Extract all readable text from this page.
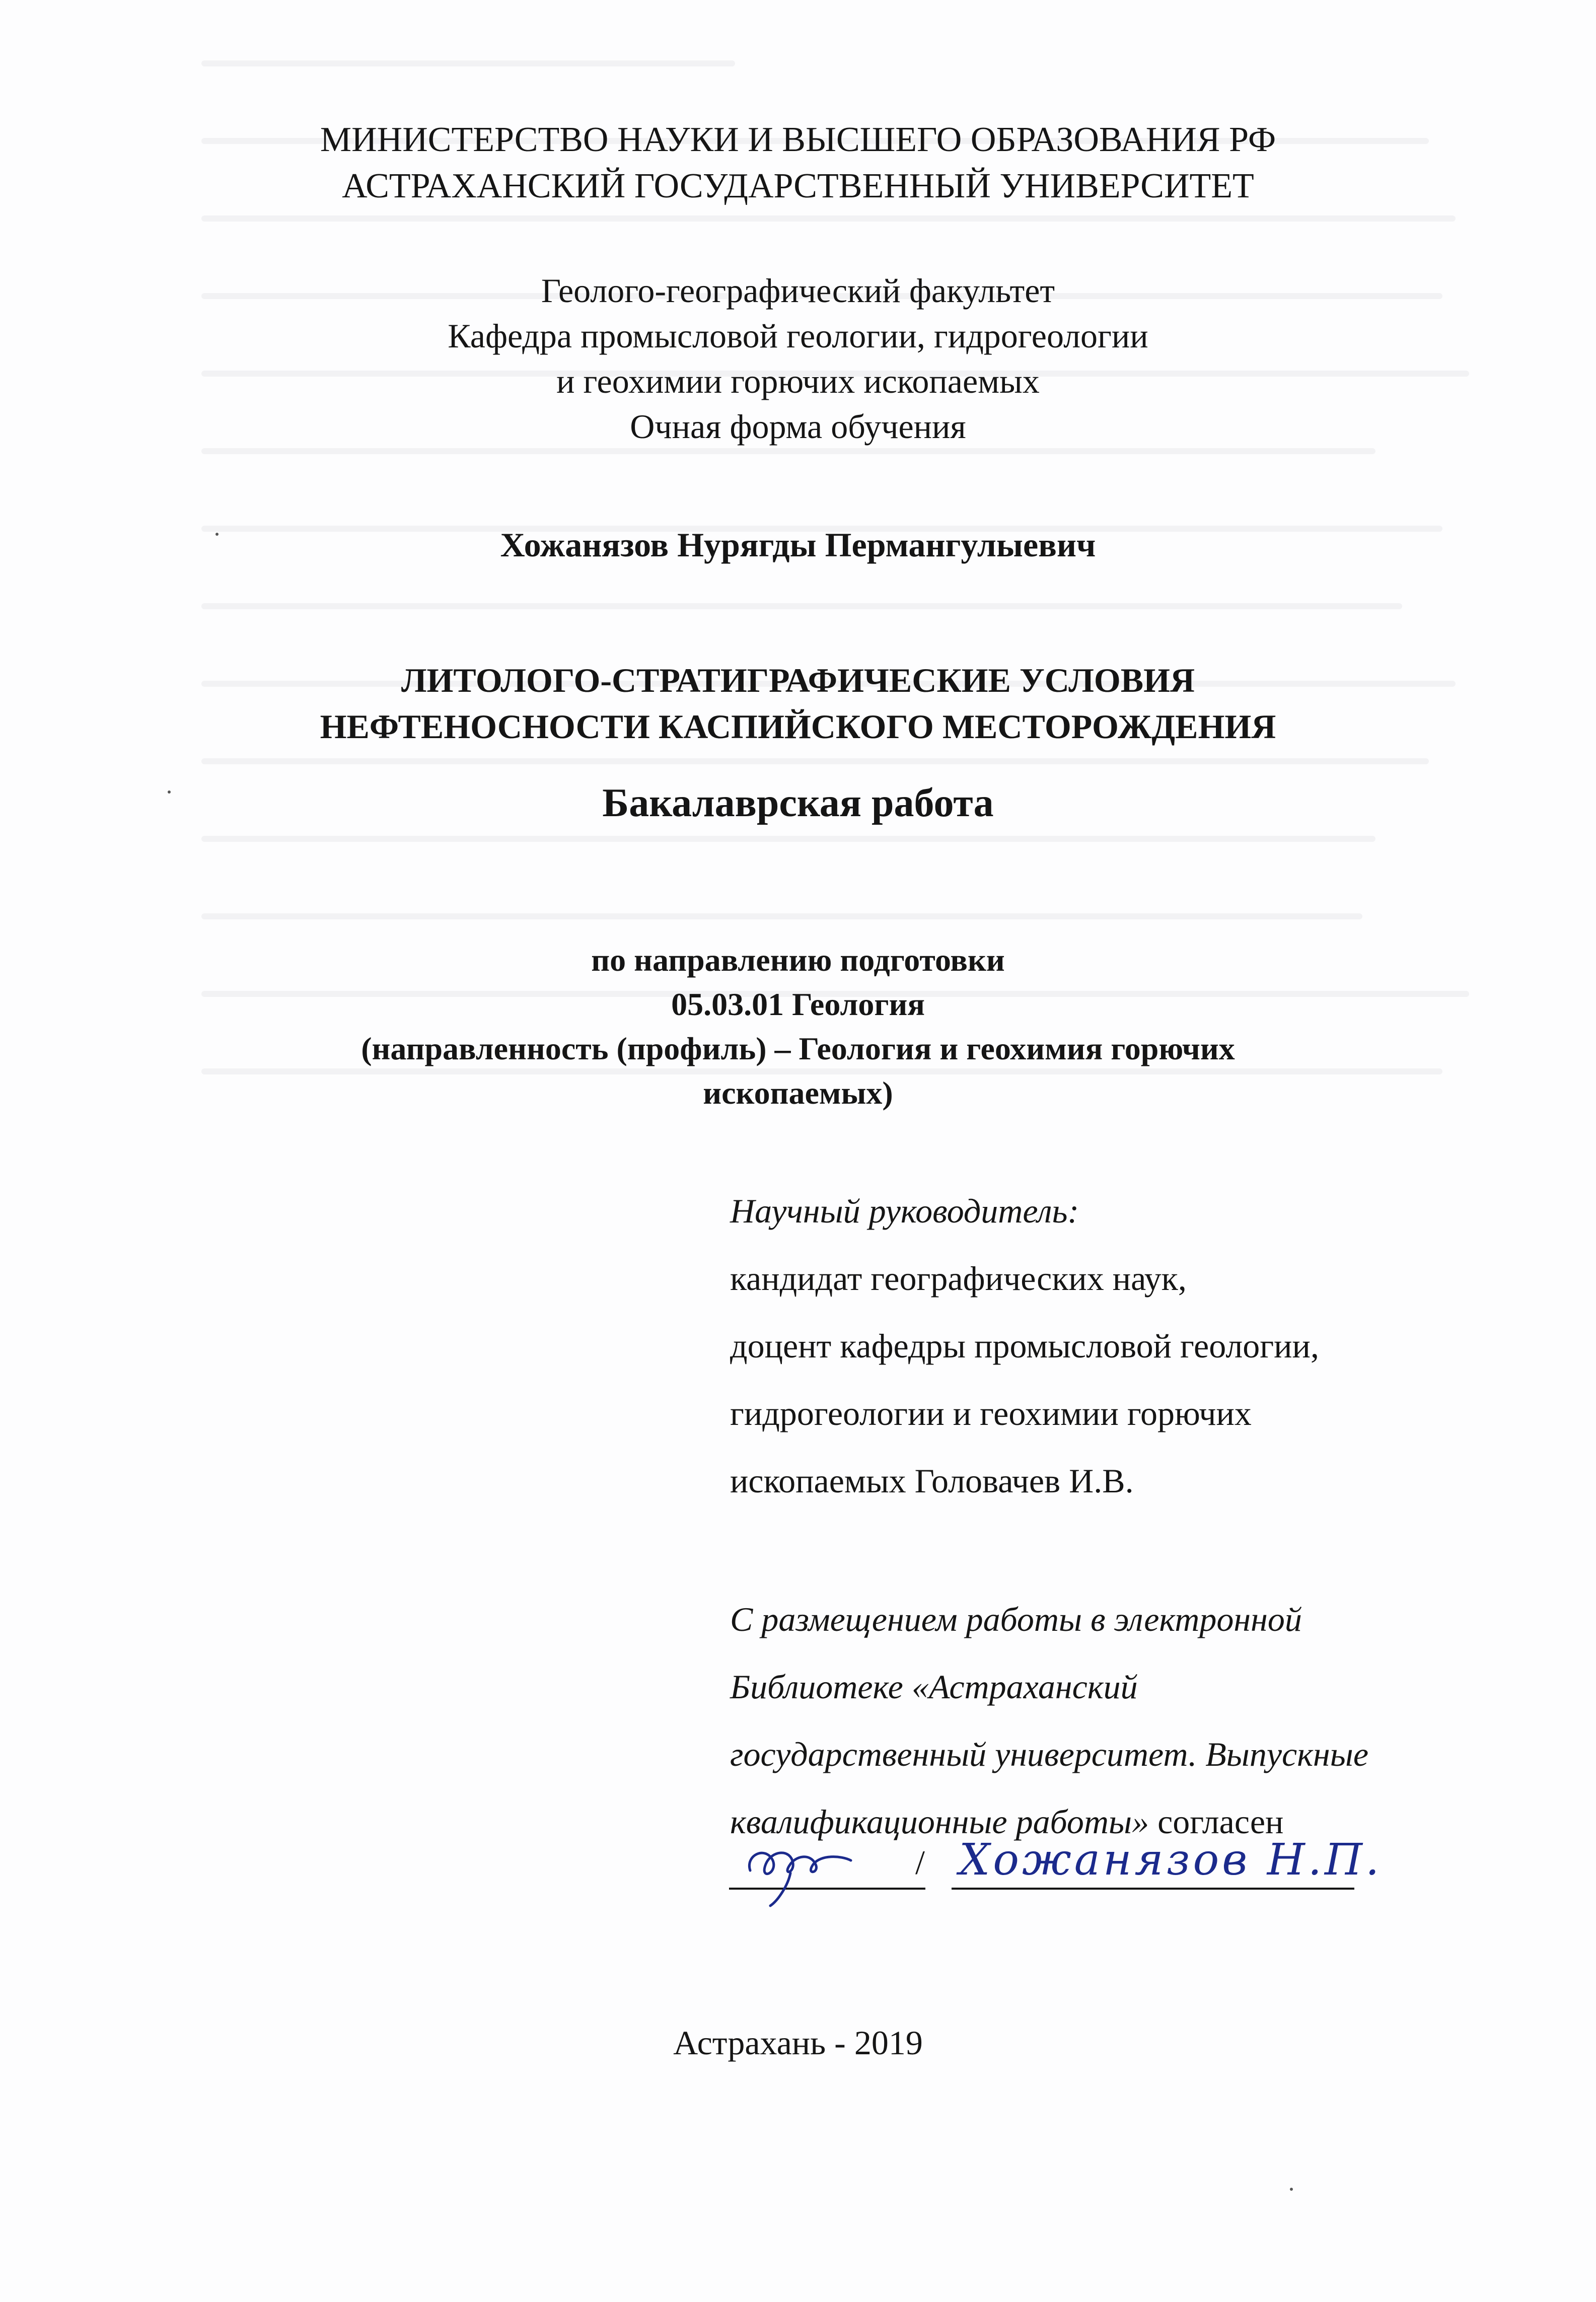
МИНИСТЕРСТВО НАУКИ И ВЫСШЕГО ОБРАЗОВАНИЯ РФ
АСТРАХАНСКИЙ ГОСУДАРСТВЕННЫЙ УНИВЕРСИТЕТ
Геолого-географический факультет
Кафедра промысловой геологии, гидрогеологии
и геохимии горючих ископаемых
Очная форма обучения
Хожанязов Нурягды Пермангулыевич
ЛИТОЛОГО-СТРАТИГРАФИЧЕСКИЕ УСЛОВИЯ
НЕФТЕНОСНОСТИ КАСПИЙСКОГО МЕСТОРОЖДЕНИЯ
Бакалаврская работа
по направлению подготовки
05.03.01 Геология
(направленность (профиль) – Геология и геохимия горючих
ископаемых)
Научный руководитель:
кандидат географических наук,
доцент кафедры промысловой геологии,
гидрогеологии и геохимии горючих
ископаемых Головачев И.В.
С размещением работы в электронной
Библиотеке «Астраханский
государственный университет. Выпускные
квалификационные работы» согласен
/ Хожанязов Н.П.
Астрахань - 2019
